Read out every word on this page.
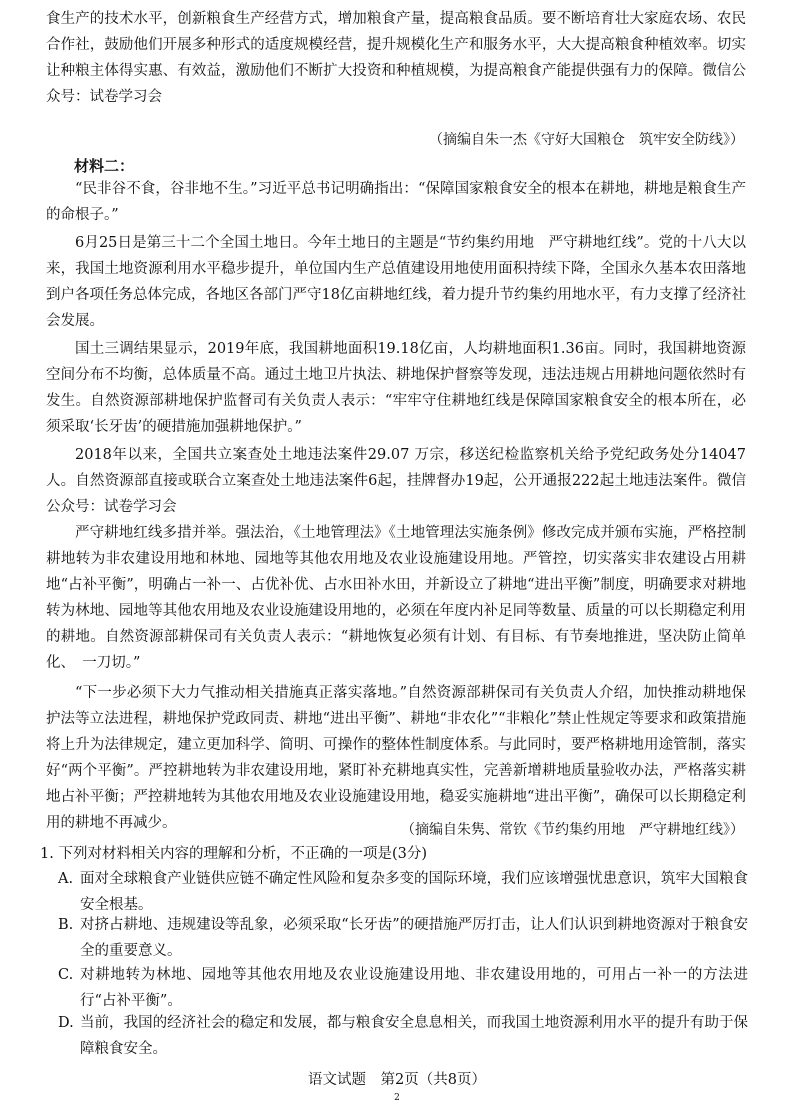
食生产的技术水平，创新粮食生产经营方式，增加粮食产量，提高粮食品质。要不断培育壮大家庭农场、农民合作社，鼓励他们开展多种形式的适度规模经营，提升规模化生产和服务水平，大大提高粮食种植效率。切实让种粮主体得实惠、有效益，激励他们不断扩大投资和种植规模，为提高粮食产能提供强有力的保障。微信公众号：试卷学习会

（摘编自朱一杰《守好大国粮仓　筑牢安全防线》）
材料二：

“民非谷不食，谷非地不生。”习近平总书记明确指出：“保障国家粮食安全的根本在耕地，耕地是粮食生产的命根子。”

6月25日是第三十二个全国土地日。今年土地日的主题是“节约集约用地　严守耕地红线”。党的十八大以来，我国土地资源利用水平稳步提升，单位国内生产总值建设用地使用面积持续下降，全国永久基本农田落地到户各项任务总体完成，各地区各部门严守18亿亩耕地红线，着力提升节约集约用地水平，有力支撑了经济社会发展。

国土三调结果显示，2019年底，我国耕地面积19.18亿亩，人均耕地面积1.36亩。同时，我国耕地资源空间分布不均衡，总体质量不高。通过土地卫片执法、耕地保护督察等发现，违法违规占用耕地问题依然时有发生。自然资源部耕地保护监督司有关负责人表示：“牢牢守住耕地红线是保障国家粮食安全的根本所在，必须采取‘长牙齿’的硬措施加强耕地保护。”

2018年以来，全国共立案查处土地违法案件29.07 万宗，移送纪检监察机关给予党纪政务处分14047人。自然资源部直接或联合立案查处土地违法案件6起，挂牌督办19起，公开通报222起土地违法案件。微信公众号：试卷学习会

严守耕地红线多措并举。强法治，《土地管理法》《土地管理法实施条例》修改完成并颁布实施，严格控制耕地转为非农建设用地和林地、园地等其他农用地及农业设施建设用地。严管控，切实落实非农建设占用耕地“占补平衡”，明确占一补一、占优补优、占水田补水田，并新设立了耕地“进出平衡”制度，明确要求对耕地转为林地、园地等其他农用地及农业设施建设用地的，必须在年度内补足同等数量、质量的可以长期稳定利用的耕地。自然资源部耕保司有关负责人表示：“耕地恢复必须有计划、有目标、有节奏地推进，坚决防止简单化、　一刀切。”

“下一步必须下大力气推动相关措施真正落实落地。”自然资源部耕保司有关负责人介绍，加快推动耕地保护法等立法进程，耕地保护党政同责、耕地“进出平衡”、耕地“非农化”“非粮化”禁止性规定等要求和政策措施将上升为法律规定，建立更加科学、简明、可操作的整体性制度体系。与此同时，要严格耕地用途管制，落实好“两个平衡”。严控耕地转为非农建设用地，紧盯补充耕地真实性，完善新增耕地质量验收办法，严格落实耕地占补平衡；严控耕地转为其他农用地及农业设施建设用地，稳妥实施耕地“进出平衡”，确保可以长期稳定利用的耕地不再减少。	（摘编自朱隽、常钦《节约集约用地　严守耕地红线》）
1. 下列对材料相关内容的理解和分析，不正确的一项是(3分)
A. 面对全球粮食产业链供应链不确定性风险和复杂多变的国际环境，我们应该增强忧患意识，筑牢大国粮食安全根基。
B. 对挤占耕地、违规建设等乱象，必须采取“长牙齿”的硬措施严厉打击，让人们认识到耕地资源对于粮食安全的重要意义。
C. 对耕地转为林地、园地等其他农用地及农业设施建设用地、非农建设用地的，可用占一补一的方法进行“占补平衡”。
D. 当前，我国的经济社会的稳定和发展，都与粮食安全息息相关，而我国土地资源利用水平的提升有助于保障粮食安全。
语文试题　第2页（共8页）
2
